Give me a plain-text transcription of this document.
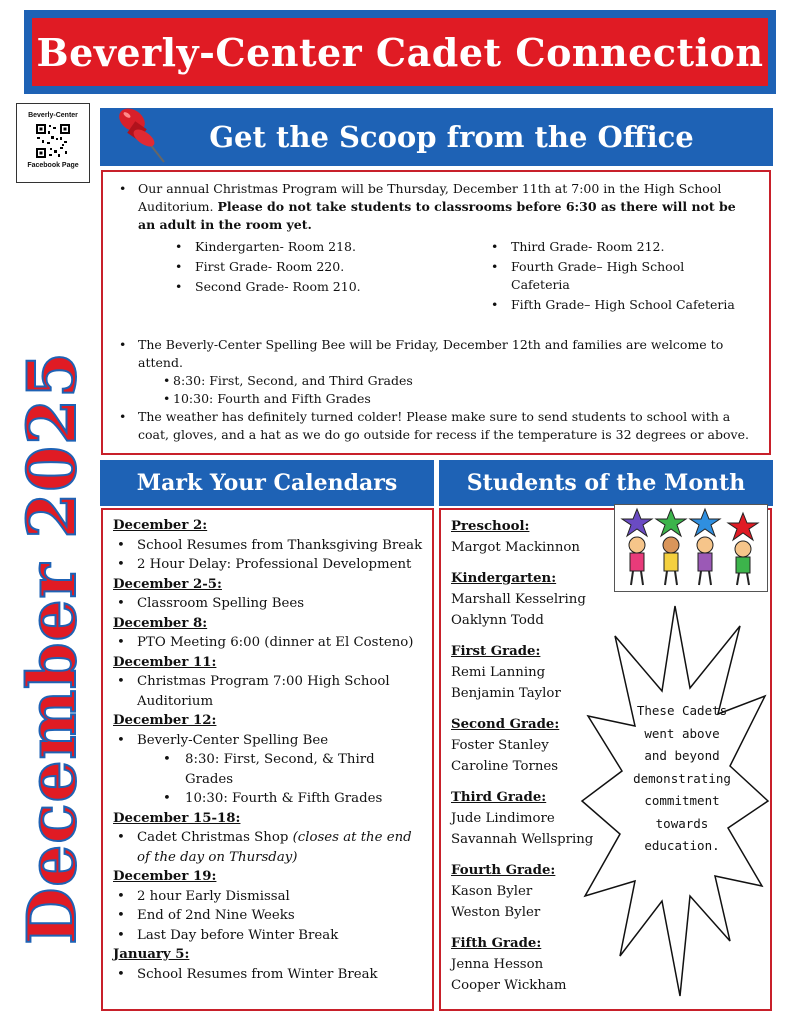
Beverly-Center Cadet Connection
Beverly-Center
Facebook Page
December 2025
Get the Scoop from the Office
• Our annual Christmas Program will be Thursday, December 11th at 7:00 in the High School Auditorium. Please do not take students to classrooms before 6:30 as there will not be an adult in the room yet.
• Kindergarten- Room 218.
• First Grade- Room 220.
• Second Grade- Room 210.
• Third Grade- Room 212.
• Fourth Grade– High School Cafeteria
• Fifth Grade– High School Cafeteria
• The Beverly-Center Spelling Bee will be Friday, December 12th and families are welcome to attend.
• 8:30: First, Second, and Third Grades
• 10:30: Fourth and Fifth Grades
• The weather has definitely turned colder! Please make sure to send students to school with a coat, gloves, and a hat as we do go outside for recess if the temperature is 32 degrees or above.
Mark Your Calendars
December 2:
• School Resumes from Thanksgiving Break
• 2 Hour Delay: Professional Development
December 2-5:
• Classroom Spelling Bees
December 8:
• PTO Meeting 6:00 (dinner at El Costeno)
December 11:
• Christmas Program 7:00 High School Auditorium
December 12:
• Beverly-Center Spelling Bee
• 8:30: First, Second, & Third Grades
• 10:30: Fourth & Fifth Grades
December 15-18:
• Cadet Christmas Shop (closes at the end of the day on Thursday)
December 19:
• 2 hour Early Dismissal
• End of 2nd Nine Weeks
• Last Day before Winter Break
January 5:
• School Resumes from Winter Break
Students of the Month
Preschool:
Margot Mackinnon
Kindergarten:
Marshall Kesselring
Oaklynn Todd
First Grade:
Remi Lanning
Benjamin Taylor
Second Grade:
Foster Stanley
Caroline Tornes
Third Grade:
Jude Lindimore
Savannah Wellspring
Fourth Grade:
Kason Byler
Weston Byler
Fifth Grade:
Jenna Hesson
Cooper Wickham
These Cadets
went above
and beyond
demonstrating
commitment
towards
education.
